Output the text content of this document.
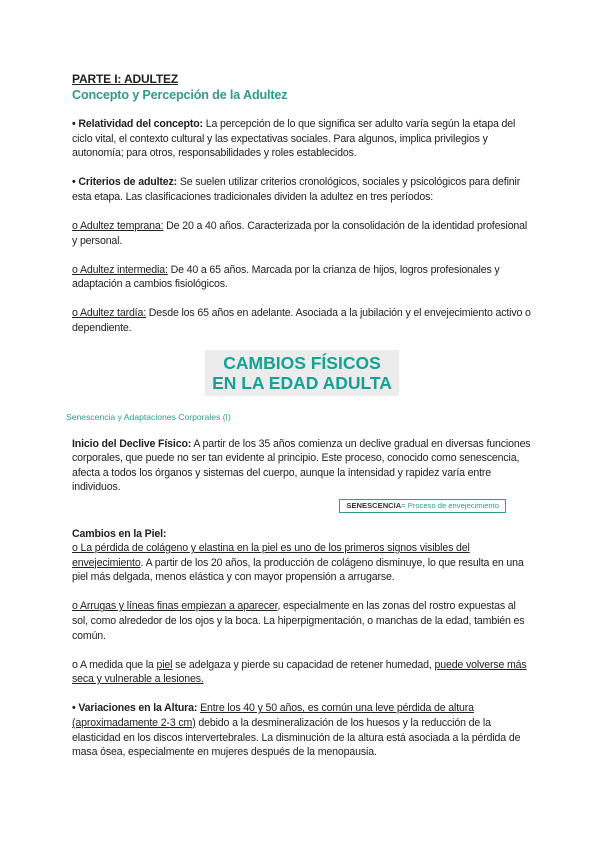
PARTE I: ADULTEZ
Concepto y Percepción de la Adultez

• Relatividad del concepto: La percepción de lo que significa ser adulto varía según la etapa del ciclo vital, el contexto cultural y las expectativas sociales. Para algunos, implica privilegios y autonomía; para otros, responsabilidades y roles establecidos.

• Criterios de adultez: Se suelen utilizar criterios cronológicos, sociales y psicológicos para definir esta etapa. Las clasificaciones tradicionales dividen la adultez en tres períodos:

o Adultez temprana: De 20 a 40 años. Caracterizada por la consolidación de la identidad profesional y personal.

o Adultez intermedia: De 40 a 65 años. Marcada por la crianza de hijos, logros profesionales y adaptación a cambios fisiológicos.

o Adultez tardía: Desde los 65 años en adelante. Asociada a la jubilación y el envejecimiento activo o dependiente.

CAMBIOS FÍSICOS
EN LA EDAD ADULTA
Senescencia y Adaptaciones Corporales (I)

Inicio del Declive Físico: A partir de los 35 años comienza un declive gradual en diversas funciones corporales, que puede no ser tan evidente al principio. Este proceso, conocido como senescencia, afecta a todos los órganos y sistemas del cuerpo, aunque la intensidad y rapidez varía entre individuos.

SENESCENCIA= Proceso de envejecimiento
Cambios en la Piel:

o La pérdida de colágeno y elastina en la piel es uno de los primeros signos visibles del envejecimiento. A partir de los 20 años, la producción de colágeno disminuye, lo que resulta en una piel más delgada, menos elástica y con mayor propensión a arrugarse.

o Arrugas y líneas finas empiezan a aparecer, especialmente en las zonas del rostro expuestas al sol, como alrededor de los ojos y la boca. La hiperpigmentación, o manchas de la edad, también es común.

o A medida que la piel se adelgaza y pierde su capacidad de retener humedad, puede volverse más seca y vulnerable a lesiones.

• Variaciones en la Altura: Entre los 40 y 50 años, es común una leve pérdida de altura (aproximadamente 2-3 cm) debido a la desmineralización de los huesos y la reducción de la elasticidad en los discos intervertebrales. La disminución de la altura está asociada a la pérdida de masa ósea, especialmente en mujeres después de la menopausia.
